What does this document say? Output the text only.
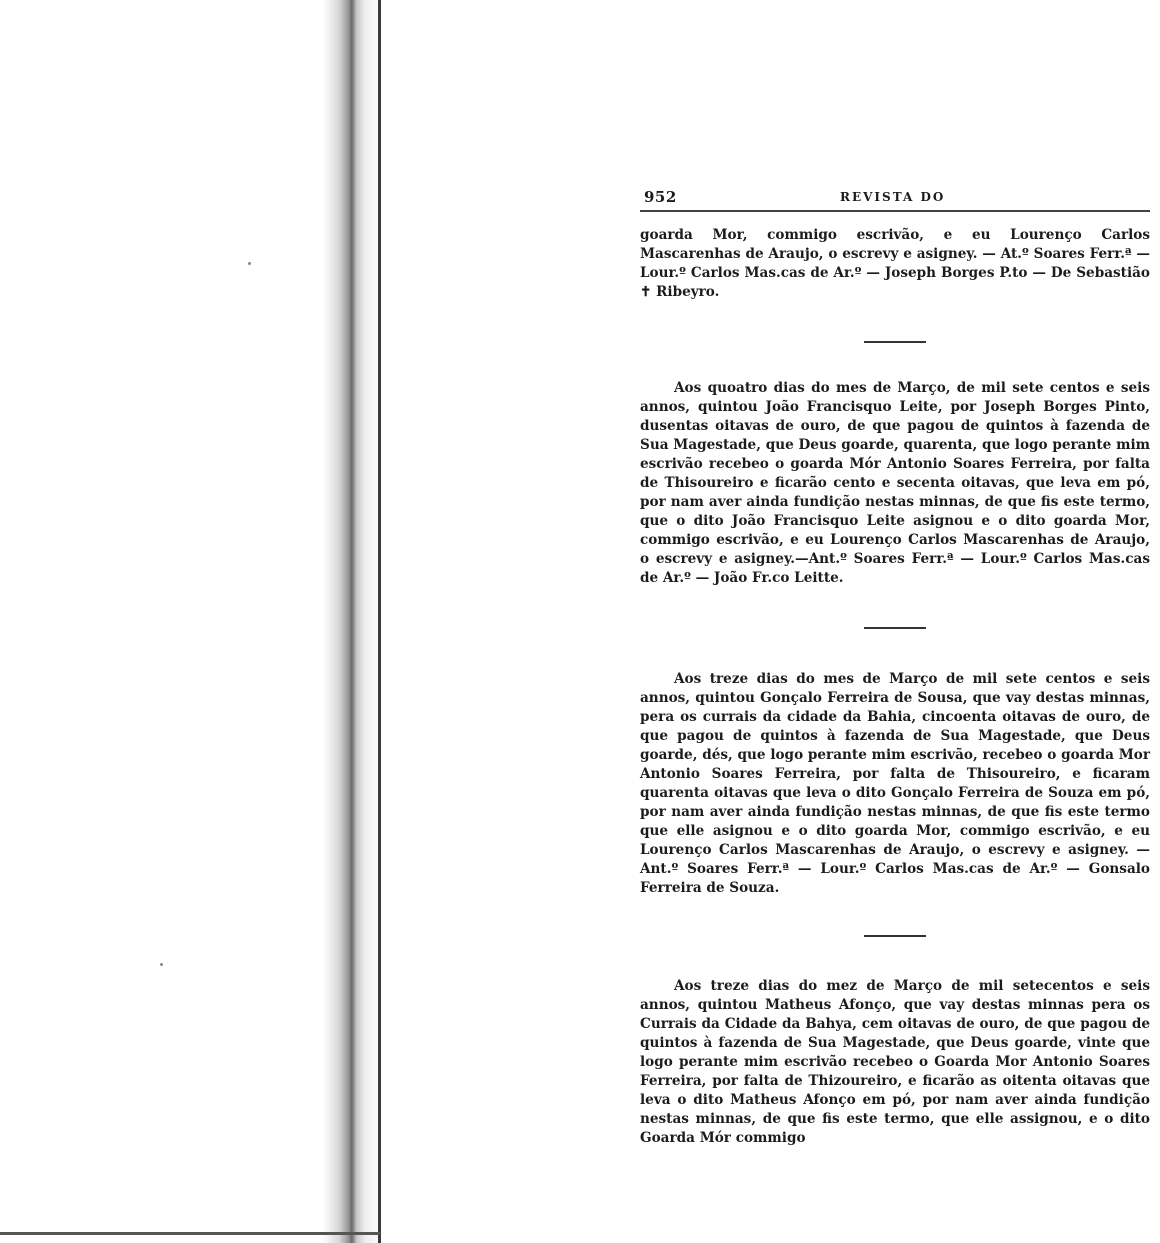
952	REVISTA DO

goarda Mor, commigo escrivão, e eu Lourenço Carlos Mascarenhas de Araujo, o escrevy e asigney. — At.º Soares Ferr.ª — Lour.º Carlos Mas.cas de Ar.º — Joseph Borges P.to — De Sebastião ✝ Ribeyro.

Aos quoatro dias do mes de Março, de mil sete centos e seis annos, quintou João Francisquo Leite, por Joseph Borges Pinto, dusentas oitavas de ouro, de que pagou de quintos à fazenda de Sua Magestade, que Deus goarde, quarenta, que logo perante mim escrivão recebeo o goarda Mór Antonio Soares Ferreira, por falta de Thisoureiro e ficarão cento e secenta oitavas, que leva em pó, por nam aver ainda fundição nestas minnas, de que fis este termo, que o dito João Francisquo Leite asignou e o dito goarda Mor, commigo escrivão, e eu Lourenço Carlos Mascarenhas de Araujo, o escrevy e asigney.—Ant.º Soares Ferr.ª — Lour.º Carlos Mas.cas de Ar.º — João Fr.co Leitte.

Aos treze dias do mes de Março de mil sete centos e seis annos, quintou Gonçalo Ferreira de Sousa, que vay destas minnas, pera os currais da cidade da Bahia, cincoenta oitavas de ouro, de que pagou de quintos à fazenda de Sua Magestade, que Deus goarde, dés, que logo perante mim escrivão, recebeo o goarda Mor Antonio Soares Ferreira, por falta de Thisoureiro, e ficaram quarenta oitavas que leva o dito Gonçalo Ferreira de Souza em pó, por nam aver ainda fundição nestas minnas, de que fis este termo que elle asignou e o dito goarda Mor, commigo escrivão, e eu Lourenço Carlos Mascarenhas de Araujo, o escrevy e asigney. — Ant.º Soares Ferr.ª — Lour.º Carlos Mas.cas de Ar.º — Gonsalo Ferreira de Souza.

Aos treze dias do mez de Março de mil setecentos e seis annos, quintou Matheus Afonço, que vay destas minnas pera os Currais da Cidade da Bahya, cem oitavas de ouro, de que pagou de quintos à fazenda de Sua Magestade, que Deus goarde, vinte que logo perante mim escrivão recebeo o Goarda Mor Antonio Soares Ferreira, por falta de Thizoureiro, e ficarão as oitenta oitavas que leva o dito Matheus Afonço em pó, por nam aver ainda fundição nestas minnas, de que fis este termo, que elle assignou, e o dito Goarda Mór commigo
